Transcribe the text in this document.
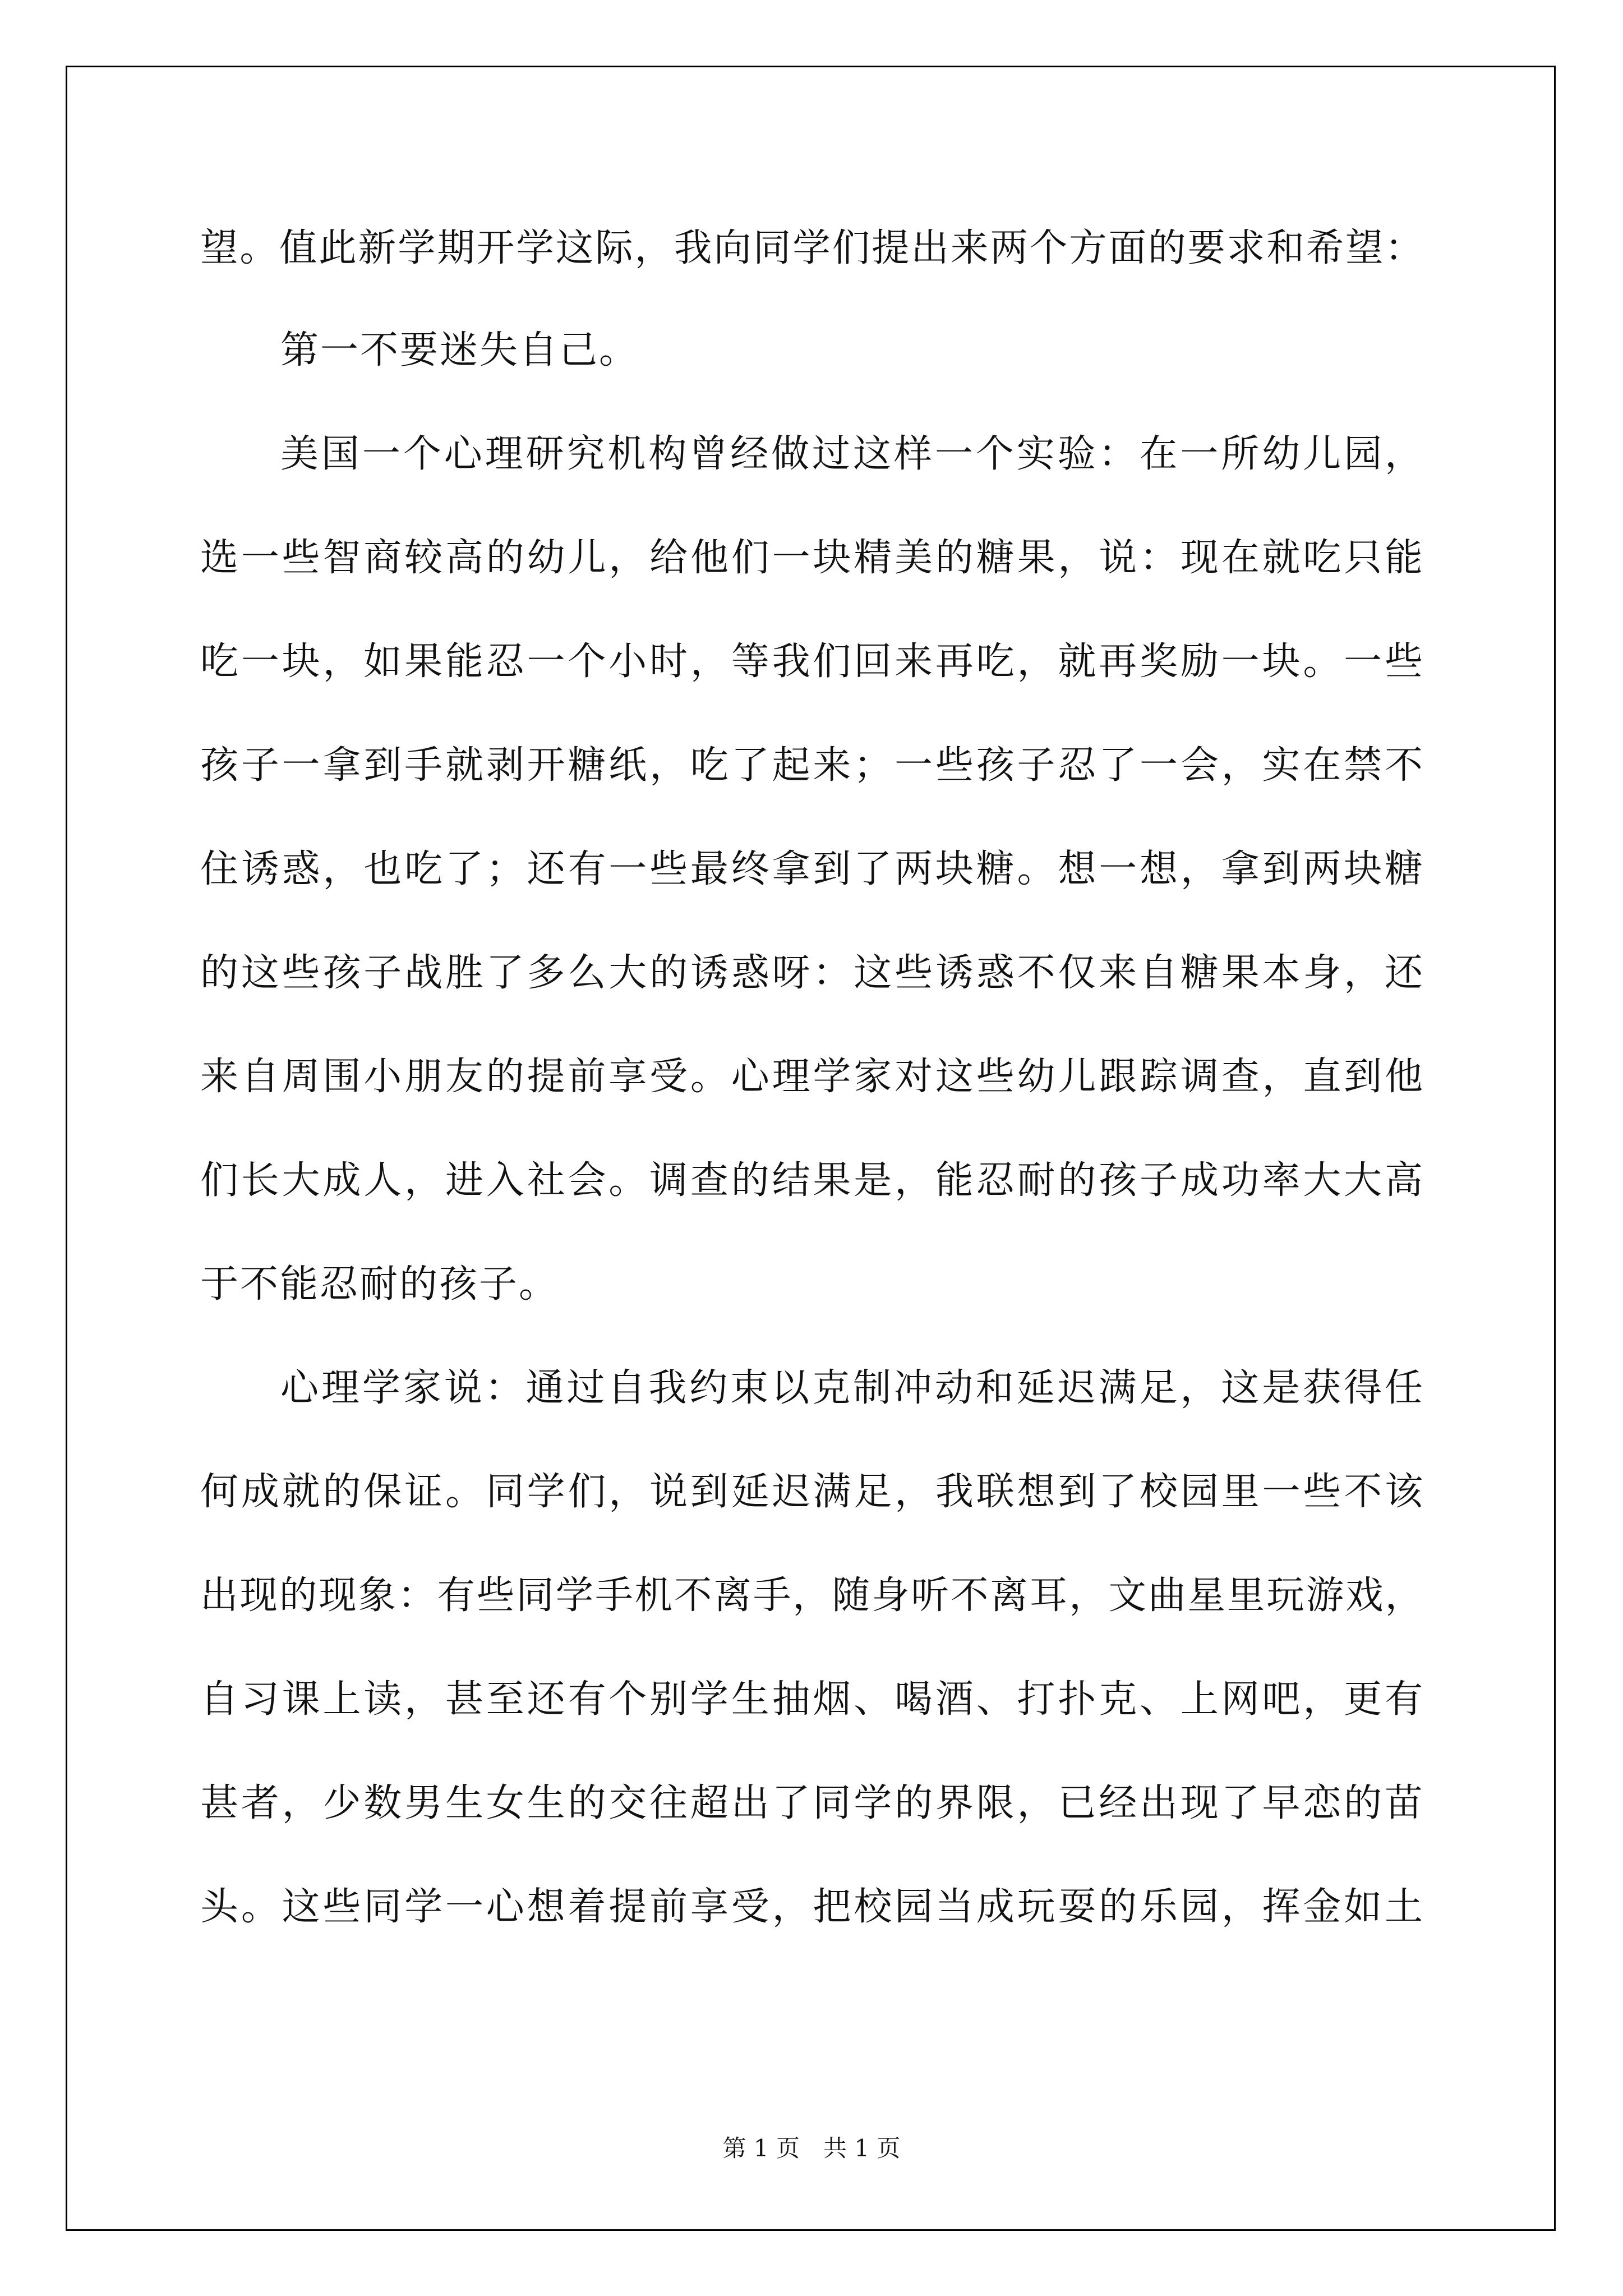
望。值此新学期开学这际，我向同学们提出来两个方面的要求和希望：
第一不要迷失自己。
美国一个心理研究机构曾经做过这样一个实验：在一所幼儿园，
选一些智商较高的幼儿，给他们一块精美的糖果，说：现在就吃只能
吃一块，如果能忍一个小时，等我们回来再吃，就再奖励一块。一些
孩子一拿到手就剥开糖纸，吃了起来；一些孩子忍了一会，实在禁不
住诱惑，也吃了；还有一些最终拿到了两块糖。想一想，拿到两块糖
的这些孩子战胜了多么大的诱惑呀：这些诱惑不仅来自糖果本身，还
来自周围小朋友的提前享受。心理学家对这些幼儿跟踪调查，直到他
们长大成人，进入社会。调查的结果是，能忍耐的孩子成功率大大高
于不能忍耐的孩子。
心理学家说：通过自我约束以克制冲动和延迟满足，这是获得任
何成就的保证。同学们，说到延迟满足，我联想到了校园里一些不该
出现的现象：有些同学手机不离手，随身听不离耳，文曲星里玩游戏，
自习课上读，甚至还有个别学生抽烟、喝酒、打扑克、上网吧，更有
甚者，少数男生女生的交往超出了同学的界限，已经出现了早恋的苗
头。这些同学一心想着提前享受，把校园当成玩耍的乐园，挥金如土
第 1 页　共 1 页
